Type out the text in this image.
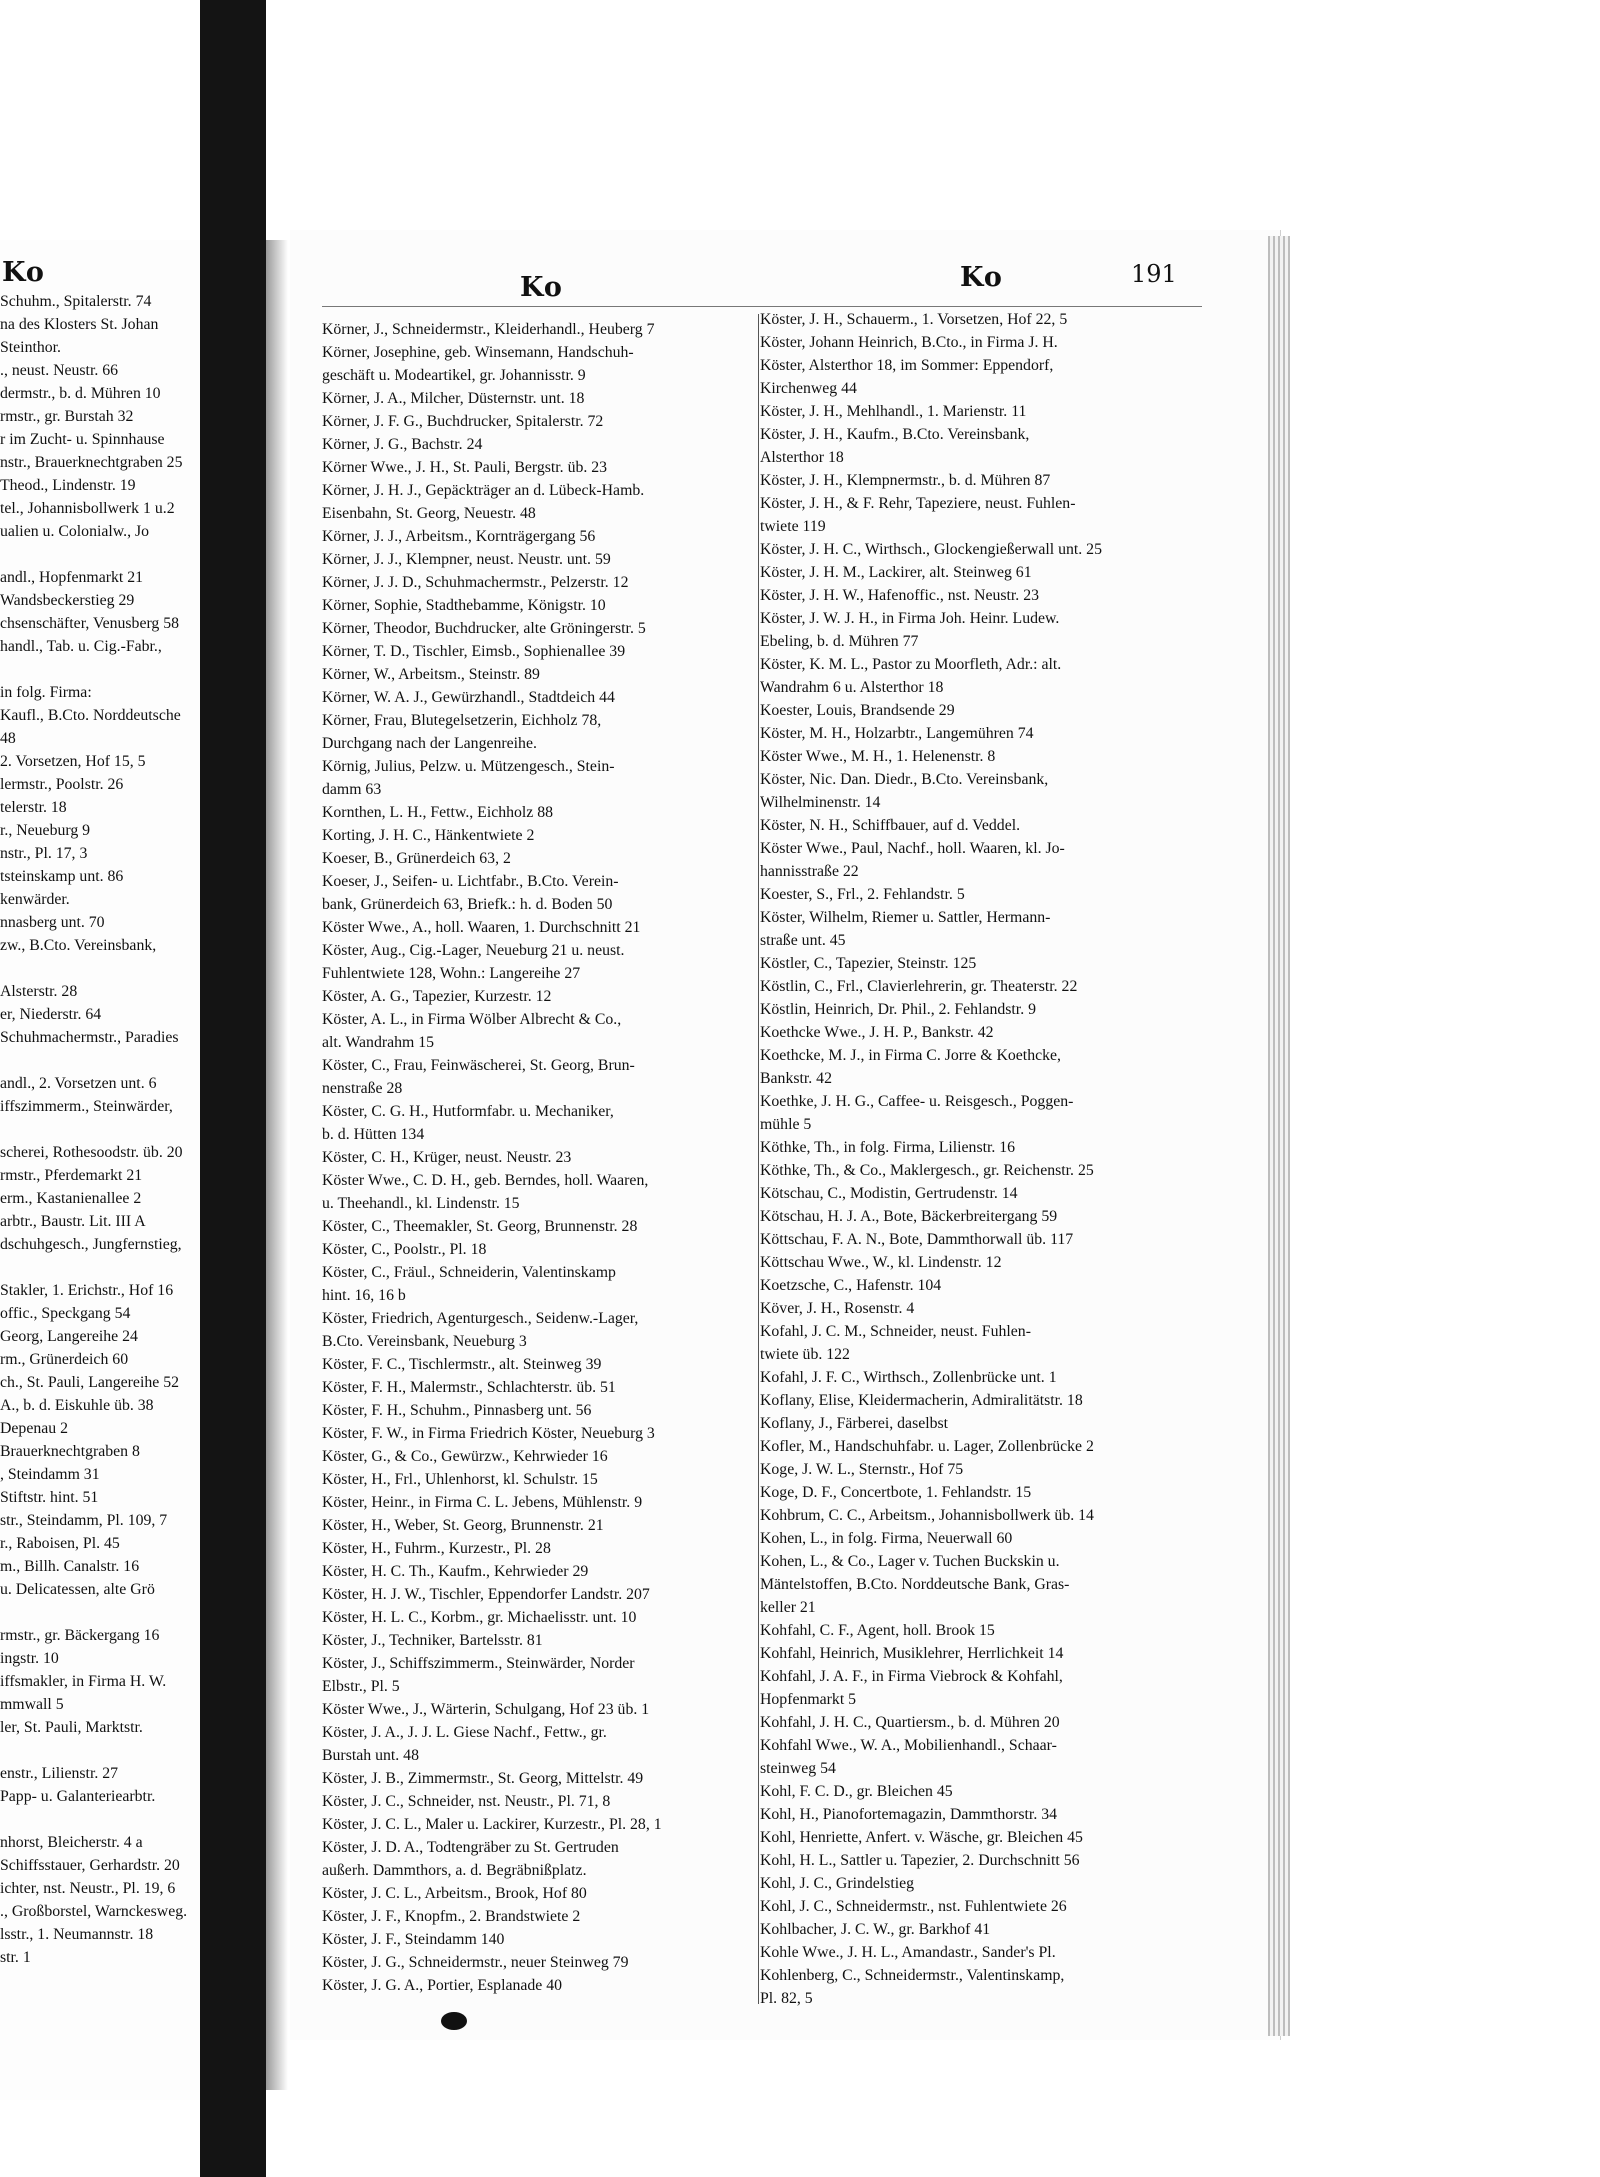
Ko	Ko	Ko	191
Schuhm., Spitalerstr. 74
na des Klosters St. Johan
Steinthor.
., neust. Neustr. 66
dermstr., b. d. Mühren 10
rmstr., gr. Burstah 32
r im Zucht- u. Spinnhause
nstr., Brauerknechtgraben 25
Theod., Lindenstr. 19
tel., Johannisbollwerk 1 u.2
ualien u. Colonialw., Jo
andl., Hopfenmarkt 21
Wandsbeckerstieg 29
chsenschäfter, Venusberg 58
handl., Tab. u. Cig.-Fabr.,
in folg. Firma:
Kaufl., B.Cto. Norddeutsche
48
2. Vorsetzen, Hof 15, 5
lermstr., Poolstr. 26
telerstr. 18
r., Neueburg 9
nstr., Pl. 17, 3
tsteinskamp unt. 86
kenwärder.
nnasberg unt. 70
zw., B.Cto. Vereinsbank,
Alsterstr. 28
er, Niederstr. 64
Schuhmachermstr., Paradies
andl., 2. Vorsetzen unt. 6
iffszimmerm., Steinwärder,
scherei, Rothesoodstr. üb. 20
rmstr., Pferdemarkt 21
erm., Kastanienallee 2
arbtr., Baustr. Lit. III A
dschuhgesch., Jungfernstieg,
Stakler, 1. Erichstr., Hof 16
offic., Speckgang 54
Georg, Langereihe 24
rm., Grünerdeich 60
ch., St. Pauli, Langereihe 52
A., b. d. Eiskuhle üb. 38
Depenau 2
Brauerknechtgraben 8
, Steindamm 31
Stiftstr. hint. 51
str., Steindamm, Pl. 109, 7
r., Raboisen, Pl. 45
m., Billh. Canalstr. 16
u. Delicatessen, alte Grö
rmstr., gr. Bäckergang 16
ingstr. 10
iffsmakler, in Firma H. W.
mmwall 5
ler, St. Pauli, Marktstr.
enstr., Lilienstr. 27
Papp- u. Galanteriearbtr.
nhorst, Bleicherstr. 4 a
Schiffsstauer, Gerhardstr. 20
ichter, nst. Neustr., Pl. 19, 6
., Großborstel, Warnckesweg.
lsstr., 1. Neumannstr. 18
str. 1
Körner, J., Schneidermstr., Kleiderhandl., Heuberg 7
Körner, Josephine, geb. Winsemann, Handschuh-
geschäft u. Modeartikel, gr. Johannisstr. 9
Körner, J. A., Milcher, Düsternstr. unt. 18
Körner, J. F. G., Buchdrucker, Spitalerstr. 72
Körner, J. G., Bachstr. 24
Körner Wwe., J. H., St. Pauli, Bergstr. üb. 23
Körner, J. H. J., Gepäckträger an d. Lübeck-Hamb.
Eisenbahn, St. Georg, Neuestr. 48
Körner, J. J., Arbeitsm., Kornträgergang 56
Körner, J. J., Klempner, neust. Neustr. unt. 59
Körner, J. J. D., Schuhmachermstr., Pelzerstr. 12
Körner, Sophie, Stadthebamme, Königstr. 10
Körner, Theodor, Buchdrucker, alte Gröningerstr. 5
Körner, T. D., Tischler, Eimsb., Sophienallee 39
Körner, W., Arbeitsm., Steinstr. 89
Körner, W. A. J., Gewürzhandl., Stadtdeich 44
Körner, Frau, Blutegelsetzerin, Eichholz 78,
Durchgang nach der Langenreihe.
Körnig, Julius, Pelzw. u. Mützengesch., Stein-
damm 63
Kornthen, L. H., Fettw., Eichholz 88
Korting, J. H. C., Hänkentwiete 2
Koeser, B., Grünerdeich 63, 2
Koeser, J., Seifen- u. Lichtfabr., B.Cto. Verein-
bank, Grünerdeich 63, Briefk.: h. d. Boden 50
Köster Wwe., A., holl. Waaren, 1. Durchschnitt 21
Köster, Aug., Cig.-Lager, Neueburg 21 u. neust.
Fuhlentwiete 128, Wohn.: Langereihe 27
Köster, A. G., Tapezier, Kurzestr. 12
Köster, A. L., in Firma Wölber Albrecht & Co.,
alt. Wandrahm 15
Köster, C., Frau, Feinwäscherei, St. Georg, Brun-
nenstraße 28
Köster, C. G. H., Hutformfabr. u. Mechaniker,
b. d. Hütten 134
Köster, C. H., Krüger, neust. Neustr. 23
Köster Wwe., C. D. H., geb. Berndes, holl. Waaren,
u. Theehandl., kl. Lindenstr. 15
Köster, C., Theemakler, St. Georg, Brunnenstr. 28
Köster, C., Poolstr., Pl. 18
Köster, C., Fräul., Schneiderin, Valentinskamp
hint. 16, 16 b
Köster, Friedrich, Agenturgesch., Seidenw.-Lager,
B.Cto. Vereinsbank, Neueburg 3
Köster, F. C., Tischlermstr., alt. Steinweg 39
Köster, F. H., Malermstr., Schlachterstr. üb. 51
Köster, F. H., Schuhm., Pinnasberg unt. 56
Köster, F. W., in Firma Friedrich Köster, Neueburg 3
Köster, G., & Co., Gewürzw., Kehrwieder 16
Köster, H., Frl., Uhlenhorst, kl. Schulstr. 15
Köster, Heinr., in Firma C. L. Jebens, Mühlenstr. 9
Köster, H., Weber, St. Georg, Brunnenstr. 21
Köster, H., Fuhrm., Kurzestr., Pl. 28
Köster, H. C. Th., Kaufm., Kehrwieder 29
Köster, H. J. W., Tischler, Eppendorfer Landstr. 207
Köster, H. L. C., Korbm., gr. Michaelisstr. unt. 10
Köster, J., Techniker, Bartelsstr. 81
Köster, J., Schiffszimmerm., Steinwärder, Norder
Elbstr., Pl. 5
Köster Wwe., J., Wärterin, Schulgang, Hof 23 üb. 1
Köster, J. A., J. J. L. Giese Nachf., Fettw., gr.
Burstah unt. 48
Köster, J. B., Zimmermstr., St. Georg, Mittelstr. 49
Köster, J. C., Schneider, nst. Neustr., Pl. 71, 8
Köster, J. C. L., Maler u. Lackirer, Kurzestr., Pl. 28, 1
Köster, J. D. A., Todtengräber zu St. Gertruden
außerh. Dammthors, a. d. Begräbnißplatz.
Köster, J. C. L., Arbeitsm., Brook, Hof 80
Köster, J. F., Knopfm., 2. Brandstwiete 2
Köster, J. F., Steindamm 140
Köster, J. G., Schneidermstr., neuer Steinweg 79
Köster, J. G. A., Portier, Esplanade 40
Köster, J. H., Schauerm., 1. Vorsetzen, Hof 22, 5
Köster, Johann Heinrich, B.Cto., in Firma J. H.
Köster, Alsterthor 18, im Sommer: Eppendorf,
Kirchenweg 44
Köster, J. H., Mehlhandl., 1. Marienstr. 11
Köster, J. H., Kaufm., B.Cto. Vereinsbank,
Alsterthor 18
Köster, J. H., Klempnermstr., b. d. Mühren 87
Köster, J. H., & F. Rehr, Tapeziere, neust. Fuhlen-
twiete 119
Köster, J. H. C., Wirthsch., Glockengießerwall unt. 25
Köster, J. H. M., Lackirer, alt. Steinweg 61
Köster, J. H. W., Hafenoffic., nst. Neustr. 23
Köster, J. W. J. H., in Firma Joh. Heinr. Ludew.
Ebeling, b. d. Mühren 77
Köster, K. M. L., Pastor zu Moorfleth, Adr.: alt.
Wandrahm 6 u. Alsterthor 18
Koester, Louis, Brandsende 29
Köster, M. H., Holzarbtr., Langemühren 74
Köster Wwe., M. H., 1. Helenenstr. 8
Köster, Nic. Dan. Diedr., B.Cto. Vereinsbank,
Wilhelminenstr. 14
Köster, N. H., Schiffbauer, auf d. Veddel.
Köster Wwe., Paul, Nachf., holl. Waaren, kl. Jo-
hannisstraße 22
Koester, S., Frl., 2. Fehlandstr. 5
Köster, Wilhelm, Riemer u. Sattler, Hermann-
straße unt. 45
Köstler, C., Tapezier, Steinstr. 125
Köstlin, C., Frl., Clavierlehrerin, gr. Theaterstr. 22
Köstlin, Heinrich, Dr. Phil., 2. Fehlandstr. 9
Koethcke Wwe., J. H. P., Bankstr. 42
Koethcke, M. J., in Firma C. Jorre & Koethcke,
Bankstr. 42
Koethke, J. H. G., Caffee- u. Reisgesch., Poggen-
mühle 5
Köthke, Th., in folg. Firma, Lilienstr. 16
Köthke, Th., & Co., Maklergesch., gr. Reichenstr. 25
Kötschau, C., Modistin, Gertrudenstr. 14
Kötschau, H. J. A., Bote, Bäckerbreitergang 59
Köttschau, F. A. N., Bote, Dammthorwall üb. 117
Köttschau Wwe., W., kl. Lindenstr. 12
Koetzsche, C., Hafenstr. 104
Köver, J. H., Rosenstr. 4
Kofahl, J. C. M., Schneider, neust. Fuhlen-
twiete üb. 122
Kofahl, J. F. C., Wirthsch., Zollenbrücke unt. 1
Koflany, Elise, Kleidermacherin, Admiralitätstr. 18
Koflany, J., Färberei, daselbst
Kofler, M., Handschuhfabr. u. Lager, Zollenbrücke 2
Koge, J. W. L., Sternstr., Hof 75
Koge, D. F., Concertbote, 1. Fehlandstr. 15
Kohbrum, C. C., Arbeitsm., Johannisbollwerk üb. 14
Kohen, L., in folg. Firma, Neuerwall 60
Kohen, L., & Co., Lager v. Tuchen Buckskin u.
Mäntelstoffen, B.Cto. Norddeutsche Bank, Gras-
keller 21
Kohfahl, C. F., Agent, holl. Brook 15
Kohfahl, Heinrich, Musiklehrer, Herrlichkeit 14
Kohfahl, J. A. F., in Firma Viebrock & Kohfahl,
Hopfenmarkt 5
Kohfahl, J. H. C., Quartiersm., b. d. Mühren 20
Kohfahl Wwe., W. A., Mobilienhandl., Schaar-
steinweg 54
Kohl, F. C. D., gr. Bleichen 45
Kohl, H., Pianofortemagazin, Dammthorstr. 34
Kohl, Henriette, Anfert. v. Wäsche, gr. Bleichen 45
Kohl, H. L., Sattler u. Tapezier, 2. Durchschnitt 56
Kohl, J. C., Grindelstieg
Kohl, J. C., Schneidermstr., nst. Fuhlentwiete 26
Kohlbacher, J. C. W., gr. Barkhof 41
Kohle Wwe., J. H. L., Amandastr., Sander's Pl.
Kohlenberg, C., Schneidermstr., Valentinskamp,
Pl. 82, 5
